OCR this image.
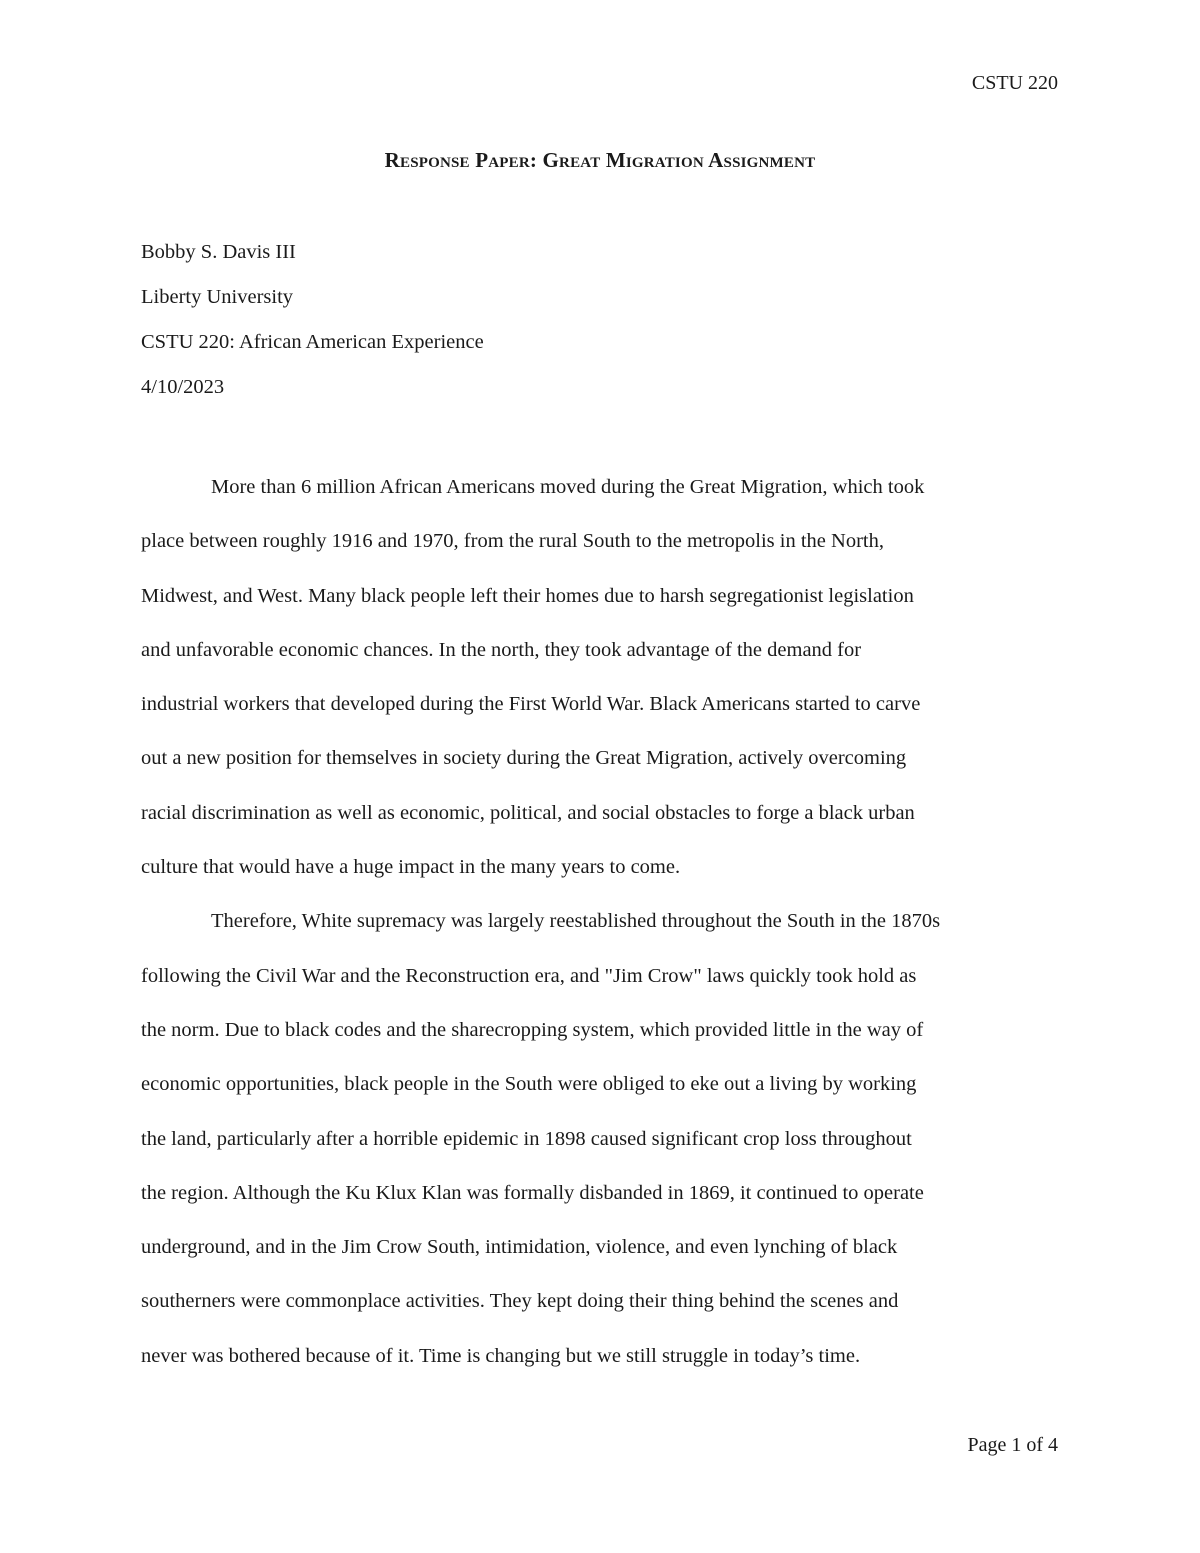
CSTU 220
Response Paper: Great Migration Assignment
Bobby S. Davis III
Liberty University
CSTU 220: African American Experience
4/10/2023
More than 6 million African Americans moved during the Great Migration, which took
place between roughly 1916 and 1970, from the rural South to the metropolis in the North,
Midwest, and West. Many black people left their homes due to harsh segregationist legislation
and unfavorable economic chances. In the north, they took advantage of the demand for
industrial workers that developed during the First World War. Black Americans started to carve
out a new position for themselves in society during the Great Migration, actively overcoming
racial discrimination as well as economic, political, and social obstacles to forge a black urban
culture that would have a huge impact in the many years to come.
Therefore, White supremacy was largely reestablished throughout the South in the 1870s
following the Civil War and the Reconstruction era, and "Jim Crow" laws quickly took hold as
the norm. Due to black codes and the sharecropping system, which provided little in the way of
economic opportunities, black people in the South were obliged to eke out a living by working
the land, particularly after a horrible epidemic in 1898 caused significant crop loss throughout
the region. Although the Ku Klux Klan was formally disbanded in 1869, it continued to operate
underground, and in the Jim Crow South, intimidation, violence, and even lynching of black
southerners were commonplace activities. They kept doing their thing behind the scenes and
never was bothered because of it. Time is changing but we still struggle in today’s time.
Page 1 of 4
